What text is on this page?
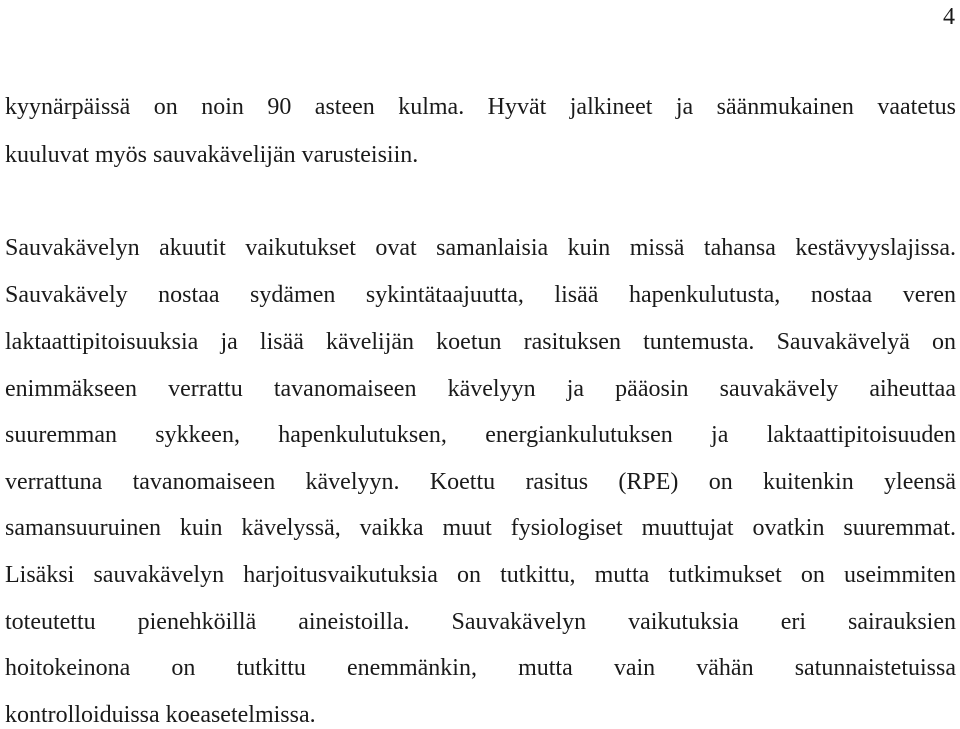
4
kyynärpäissä on noin 90 asteen kulma. Hyvät jalkineet ja säänmukainen vaatetus
kuuluvat myös sauvakävelijän varusteisiin.
Sauvakävelyn akuutit vaikutukset ovat samanlaisia kuin missä tahansa kestävyyslajissa.
Sauvakävely nostaa sydämen sykintätaajuutta, lisää hapenkulutusta, nostaa veren
laktaattipitoisuuksia ja lisää kävelijän koetun rasituksen tuntemusta. Sauvakävelyä on
enimmäkseen verrattu tavanomaiseen kävelyyn ja pääosin sauvakävely aiheuttaa
suuremman sykkeen, hapenkulutuksen, energiankulutuksen ja laktaattipitoisuuden
verrattuna tavanomaiseen kävelyyn. Koettu rasitus (RPE) on kuitenkin yleensä
samansuuruinen kuin kävelyssä, vaikka muut fysiologiset muuttujat ovatkin suuremmat.
Lisäksi sauvakävelyn harjoitusvaikutuksia on tutkittu, mutta tutkimukset on useimmiten
toteutettu pienehköillä aineistoilla. Sauvakävelyn vaikutuksia eri sairauksien
hoitokeinona on tutkittu enemmänkin, mutta vain vähän satunnaistetuissa
kontrolloiduissa koeasetelmissa.
